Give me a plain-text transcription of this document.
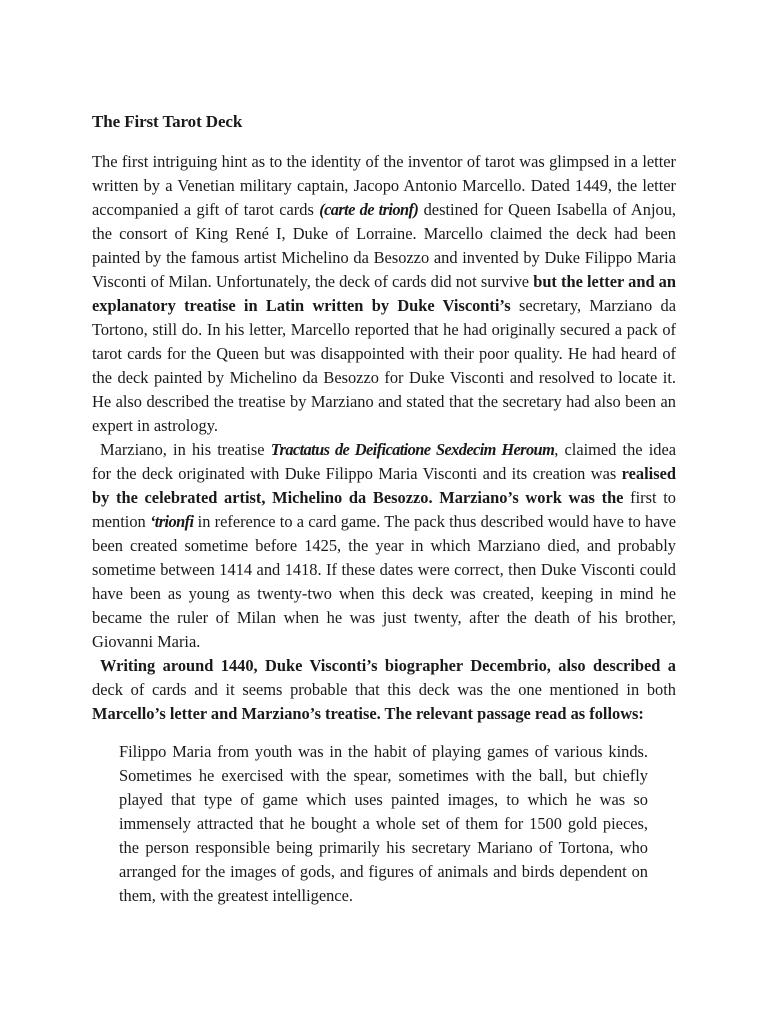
The First Tarot Deck

The first intriguing hint as to the identity of the inventor of tarot was glimpsed in a letter written by a Venetian military captain, Jacopo Antonio Marcello. Dated 1449, the letter accompanied a gift of tarot cards (carte de trionf) destined for Queen Isabella of Anjou, the consort of King René I, Duke of Lorraine. Marcello claimed the deck had been painted by the famous artist Michelino da Besozzo and invented by Duke Filippo Maria Visconti of Milan. Unfortunately, the deck of cards did not survive but the letter and an explanatory treatise in Latin written by Duke Visconti’s secretary, Marziano da Tortono, still do. In his letter, Marcello reported that he had originally secured a pack of tarot cards for the Queen but was disappointed with their poor quality. He had heard of the deck painted by Michelino da Besozzo for Duke Visconti and resolved to locate it. He also described the treatise by Marziano and stated that the secretary had also been an expert in astrology.

Marziano, in his treatise Tractatus de Deificatione Sexdecim Heroum, claimed the idea for the deck originated with Duke Filippo Maria Visconti and its creation was realised by the celebrated artist, Michelino da Besozzo. Marziano’s work was the first to mention ‘trionfi in reference to a card game. The pack thus described would have to have been created sometime before 1425, the year in which Marziano died, and probably sometime between 1414 and 1418. If these dates were correct, then Duke Visconti could have been as young as twenty-two when this deck was created, keeping in mind he became the ruler of Milan when he was just twenty, after the death of his brother, Giovanni Maria.

Writing around 1440, Duke Visconti’s biographer Decembrio, also described a deck of cards and it seems probable that this deck was the one mentioned in both Marcello’s letter and Marziano’s treatise. The relevant passage read as follows:

Filippo Maria from youth was in the habit of playing games of various kinds. Sometimes he exercised with the spear, sometimes with the ball, but chiefly played that type of game which uses painted images, to which he was so immensely attracted that he bought a whole set of them for 1500 gold pieces, the person responsible being primarily his secretary Mariano of Tortona, who arranged for the images of gods, and figures of animals and birds dependent on them, with the greatest intelligence.
